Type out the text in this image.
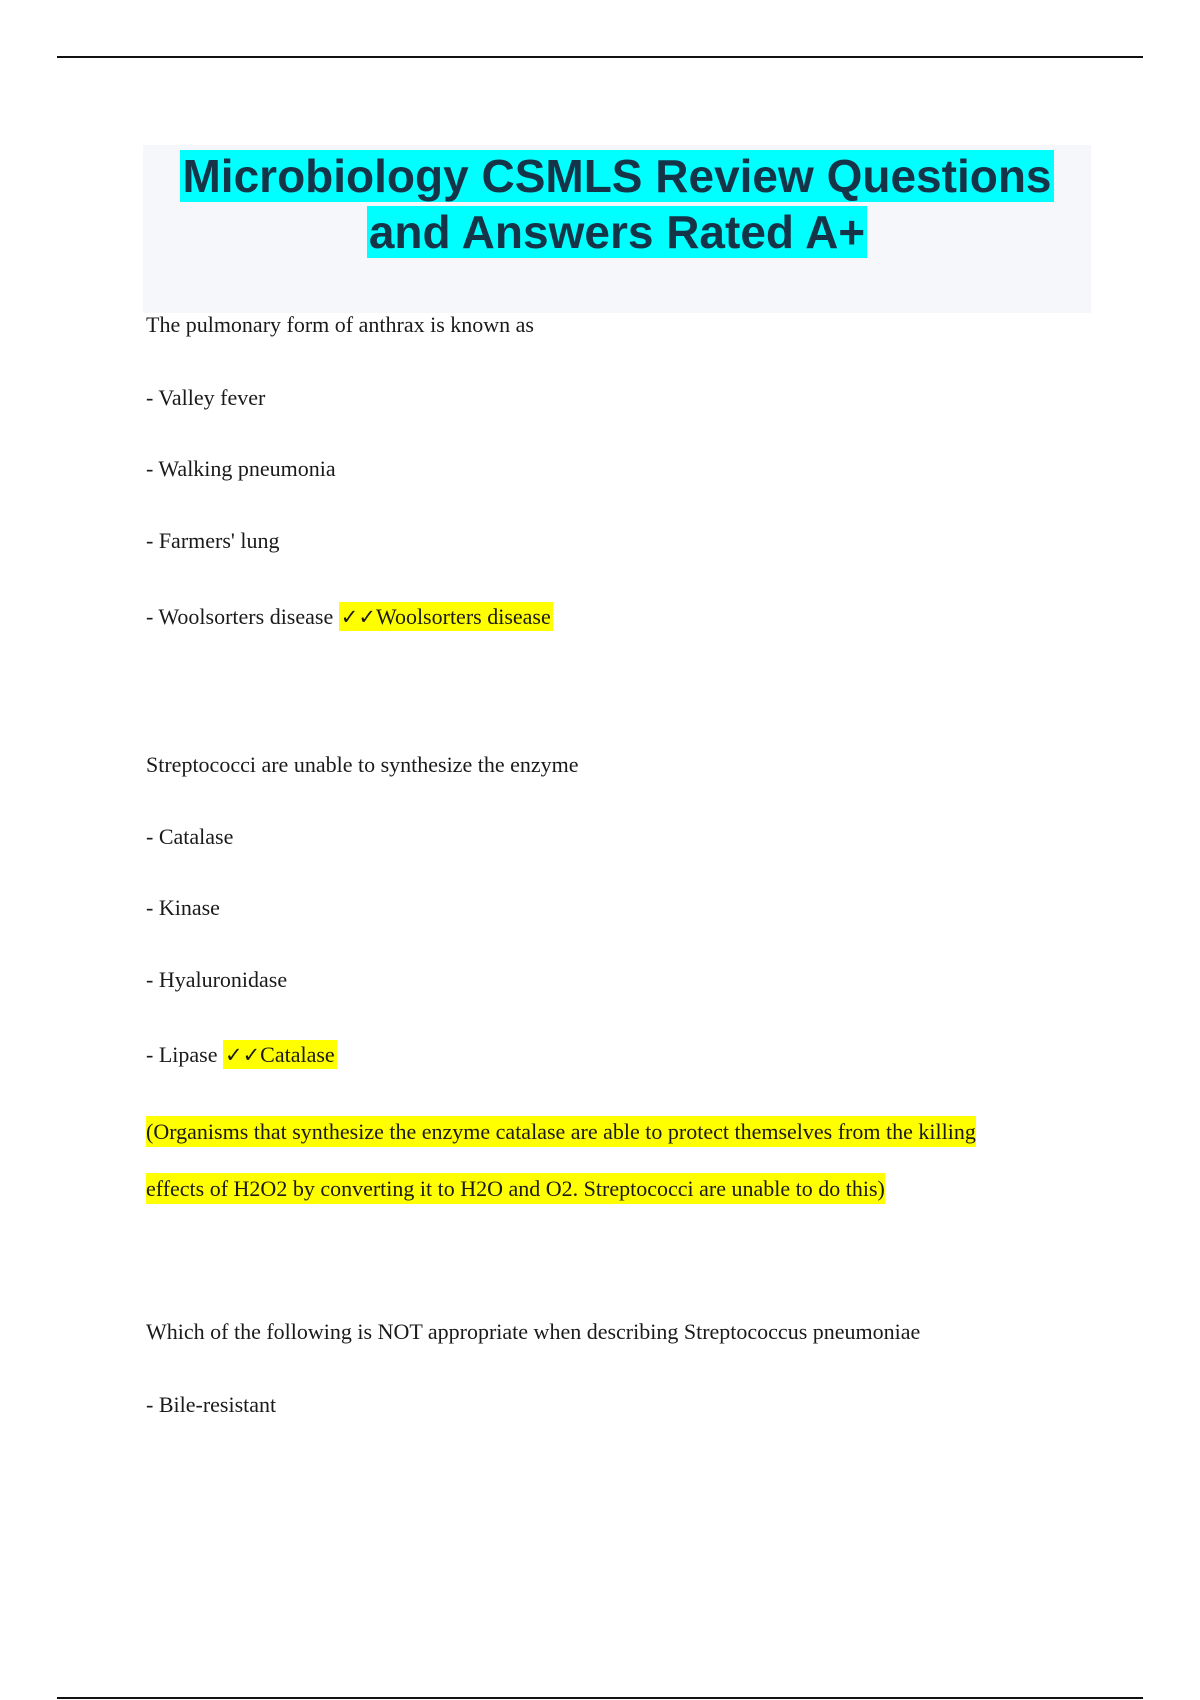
Microbiology CSMLS Review Questions
and Answers Rated A+
The pulmonary form of anthrax is known as
- Valley fever
- Walking pneumonia
- Farmers' lung
- Woolsorters disease ✓✓Woolsorters disease
Streptococci are unable to synthesize the enzyme
- Catalase
- Kinase
- Hyaluronidase
- Lipase ✓✓Catalase
(Organisms that synthesize the enzyme catalase are able to protect themselves from the killing
effects of H2O2 by converting it to H2O and O2. Streptococci are unable to do this)
Which of the following is NOT appropriate when describing Streptococcus pneumoniae
- Bile-resistant
